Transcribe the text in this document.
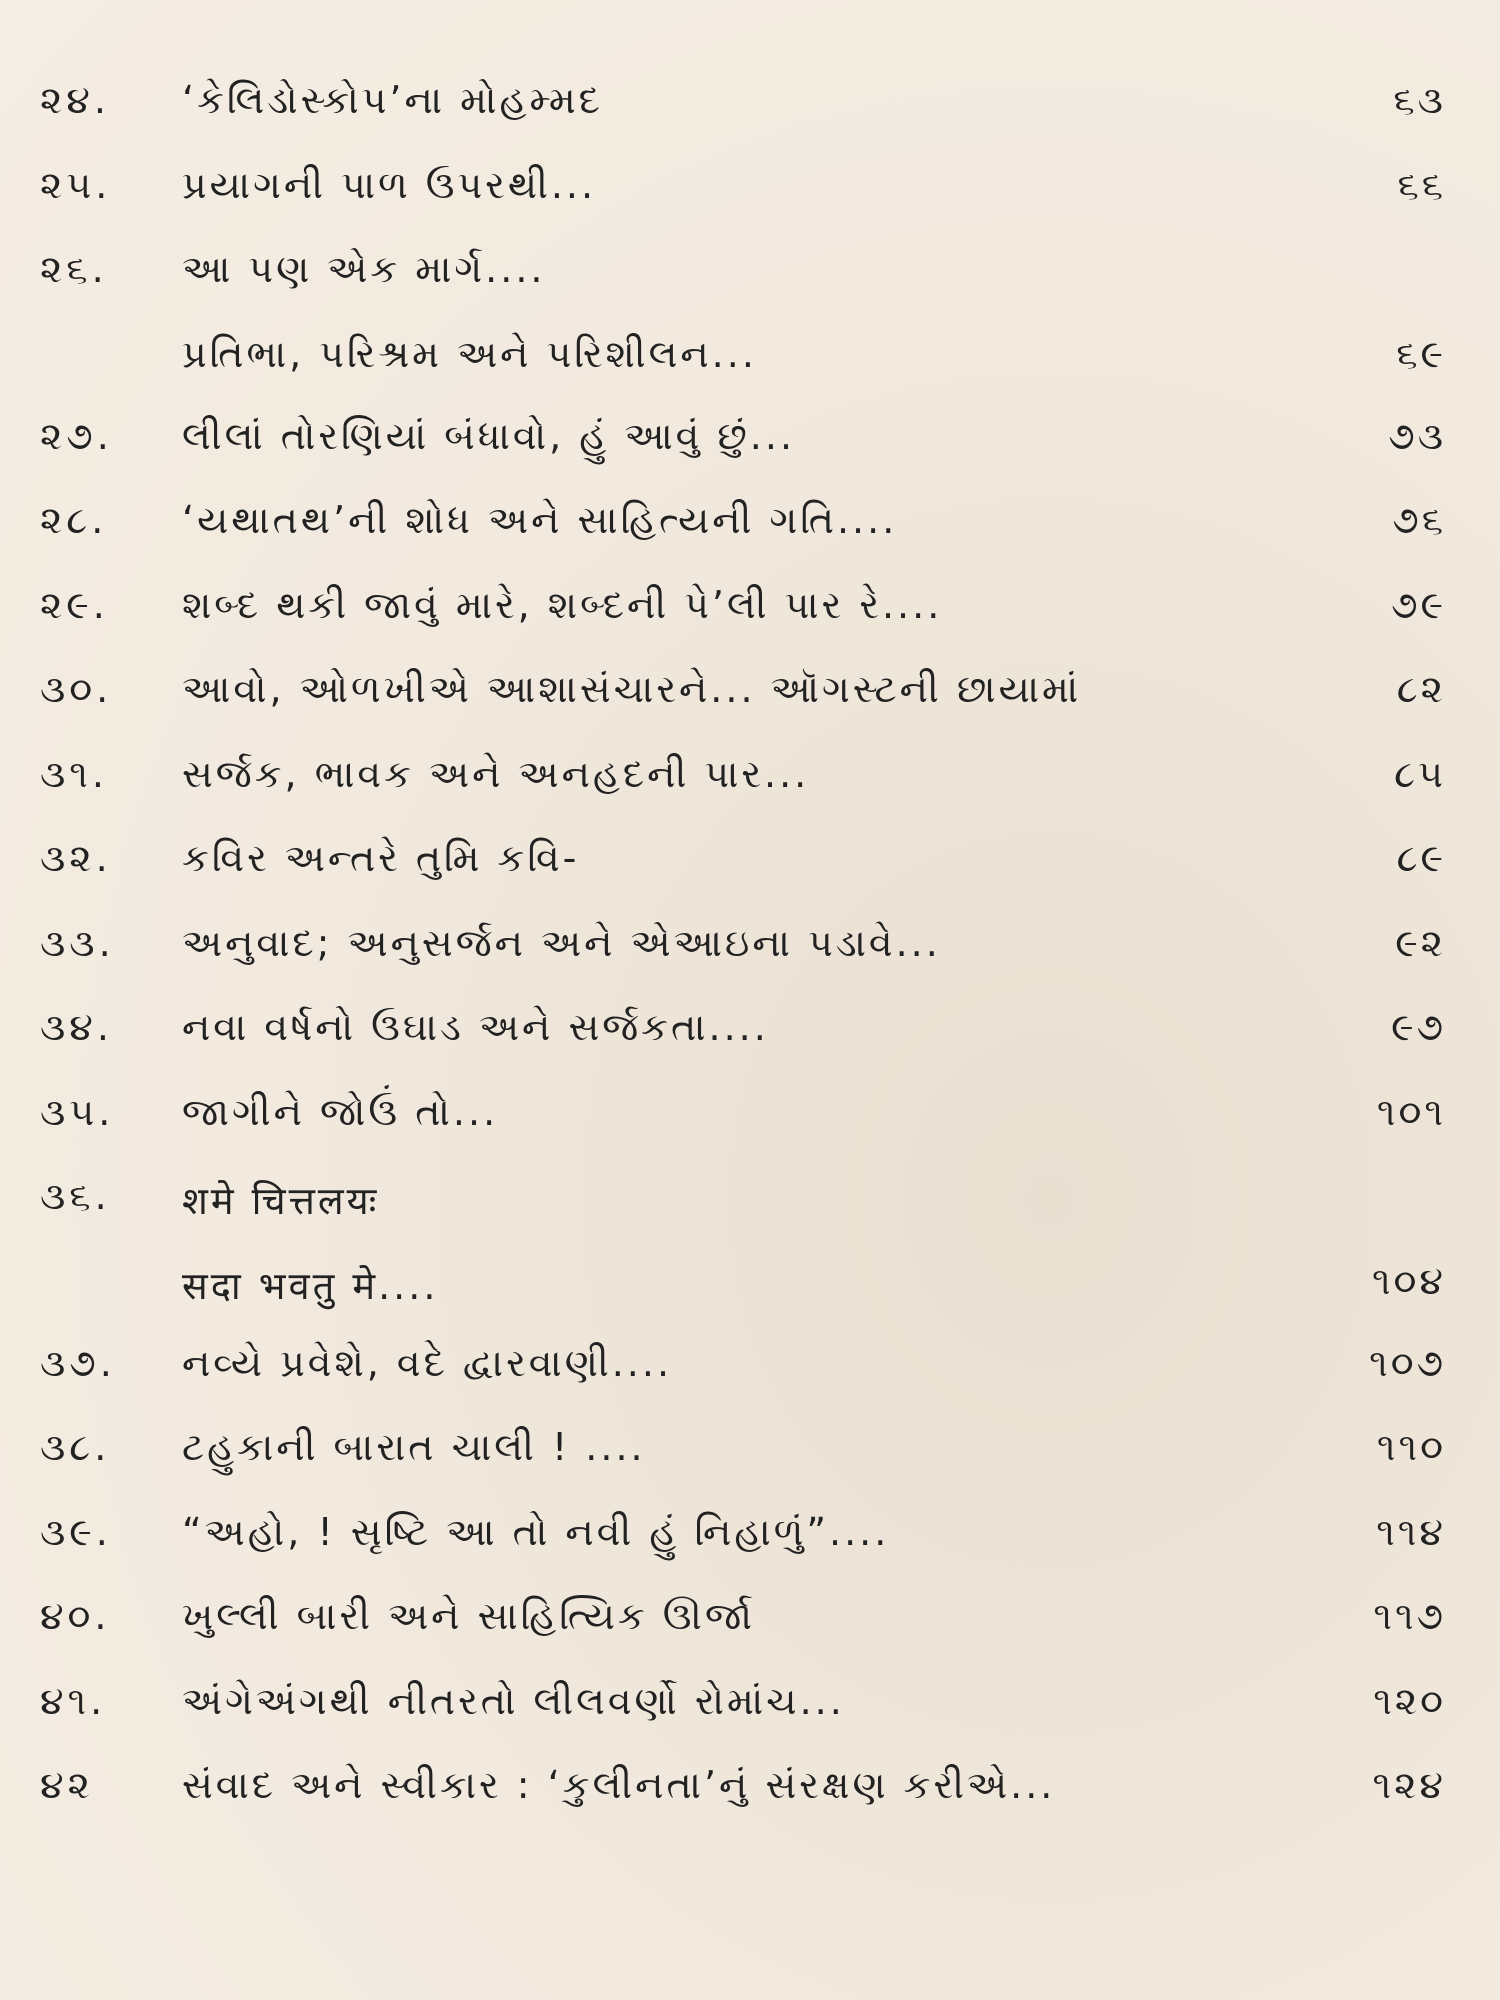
૨૪.	‘કેલિડોસ્કોપ’ના મોહમ્મદ	૬૩
૨૫.	પ્રયાગની પાળ ઉપરથી...	૬૬
૨૬.	આ પણ એક માર્ગ....
પ્રતિભા, પરિશ્રમ અને પરિશીલન...	૬૯
૨૭.	લીલાં તોરણિયાં બંધાવો, હું આવું છું...	૭૩
૨૮.	‘યથાતથ’ની શોધ અને સાહિત્યની ગતિ....	૭૬
૨૯.	શબ્દ થકી જાવું મારે, શબ્દની પે’લી પાર રે....	૭૯
૩૦.	આવો, ઓળખીએ આશાસંચારને... ઑગસ્ટની છાયામાં	૮૨
૩૧.	સર્જક, ભાવક અને અનહદની પાર...	૮૫
૩૨.	કવિર અન્તરે તુમિ કવિ-	૮૯
૩૩.	અનુવાદ; અનુસર્જન અને એઆઇના પડાવે...	૯૨
૩૪.	નવા વર્ષનો ઉઘાડ અને સર્જકતા....	૯૭
૩૫.	જાગીને જોઉં તો...	૧૦૧
૩૬.	शमे चित्तलयः
सदा भवतु मे....	૧૦૪
૩૭.	નવ્યે પ્રવેશે, વદે દ્વારવાણી....	૧૦૭
૩૮.	ટહુકાની બારાત ચાલી ! ....	૧૧૦
૩૯.	“અહો, ! સૃષ્ટિ આ તો નવી હું નિહાળું”....	૧૧૪
૪૦.	ખુલ્લી બારી અને સાહિત્યિક ઊર્જા	૧૧૭
૪૧.	અંગેઅંગથી નીતરતો લીલવર્ણો રોમાંચ...	૧૨૦
૪૨	સંવાદ અને સ્વીકાર : ‘કુલીનતા’નું સંરક્ષણ કરીએ...	૧૨૪
